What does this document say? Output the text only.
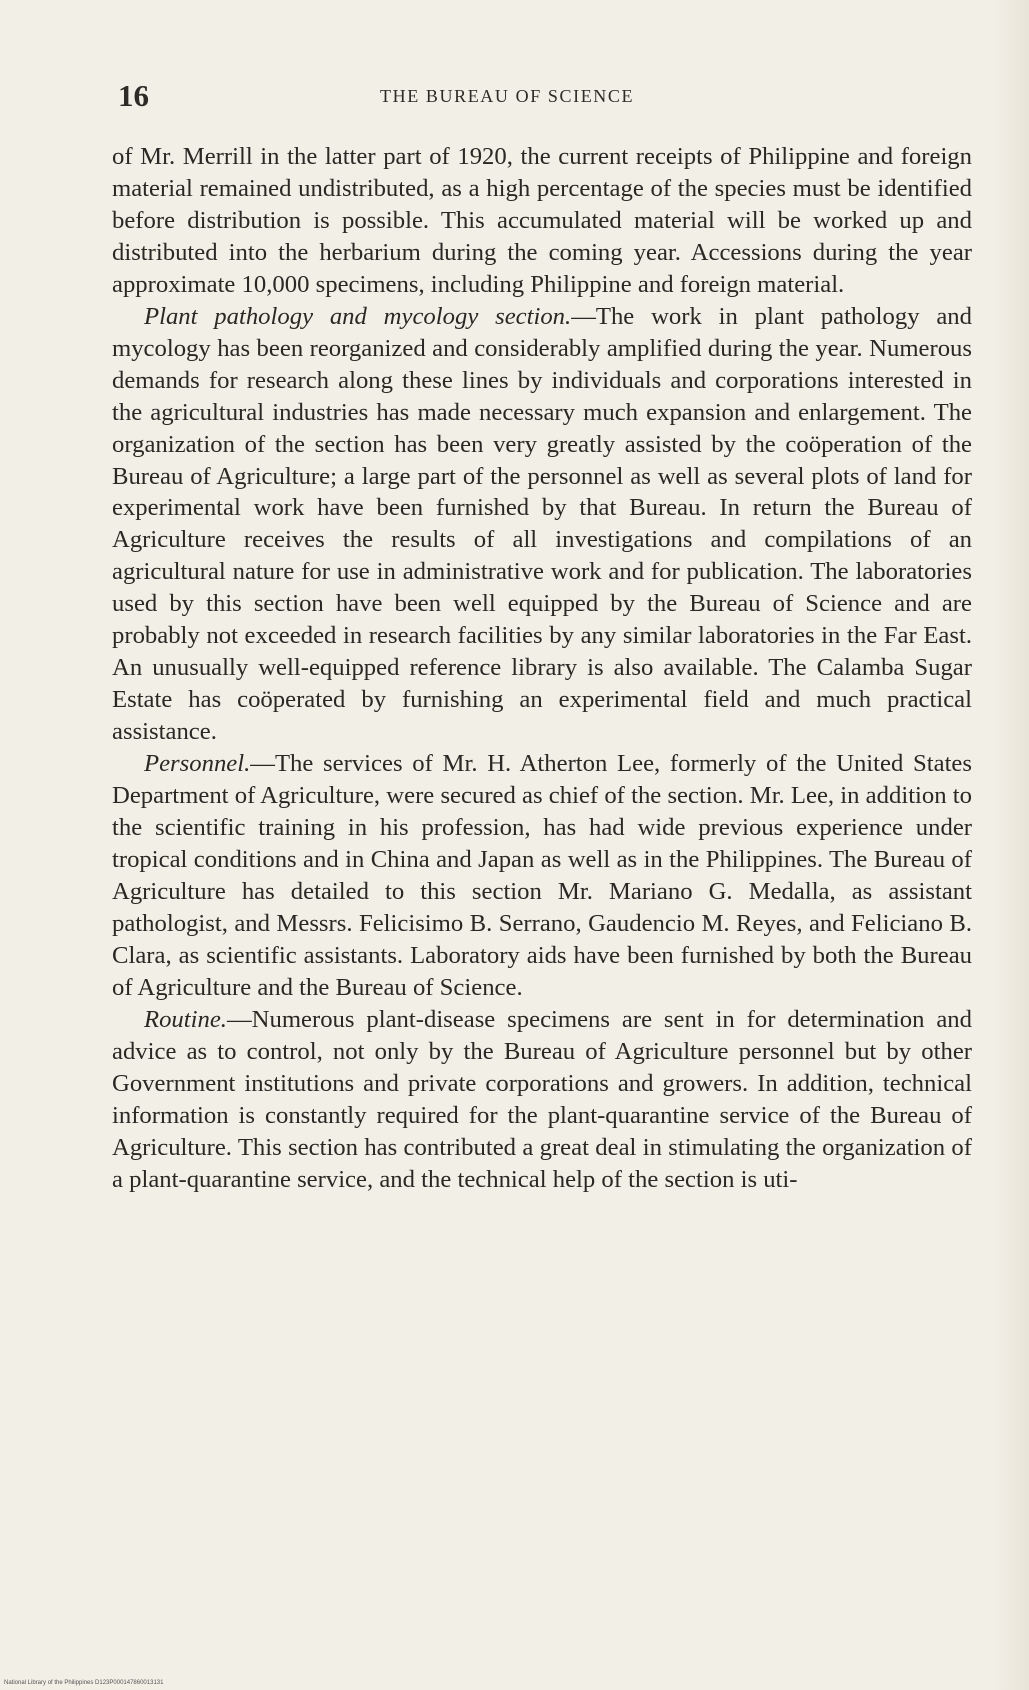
16	THE BUREAU OF SCIENCE

of Mr. Merrill in the latter part of 1920, the current receipts of Philippine and foreign material remained undistributed, as a high percentage of the species must be identified before distribution is possible. This accumulated material will be worked up and distributed into the herbarium during the coming year. Accessions during the year approximate 10,000 specimens, including Philippine and foreign material.

Plant pathology and mycology section.—The work in plant pathology and mycology has been reorganized and considerably amplified during the year. Numerous demands for research along these lines by individuals and corporations interested in the agricultural industries has made necessary much expansion and enlargement. The organization of the section has been very greatly assisted by the coöperation of the Bureau of Agriculture; a large part of the personnel as well as several plots of land for experimental work have been furnished by that Bureau. In return the Bureau of Agriculture receives the results of all investigations and compilations of an agricultural nature for use in administrative work and for publication. The laboratories used by this section have been well equipped by the Bureau of Science and are probably not exceeded in research facilities by any similar laboratories in the Far East. An unusually well-equipped reference library is also available. The Calamba Sugar Estate has coöperated by furnishing an experimental field and much practical assistance.

Personnel.—The services of Mr. H. Atherton Lee, formerly of the United States Department of Agriculture, were secured as chief of the section. Mr. Lee, in addition to the scientific training in his profession, has had wide previous experience under tropical conditions and in China and Japan as well as in the Philippines. The Bureau of Agriculture has detailed to this section Mr. Mariano G. Medalla, as assistant pathologist, and Messrs. Felicisimo B. Serrano, Gaudencio M. Reyes, and Feliciano B. Clara, as scientific assistants. Laboratory aids have been furnished by both the Bureau of Agriculture and the Bureau of Science.

Routine.—Numerous plant-disease specimens are sent in for determination and advice as to control, not only by the Bureau of Agriculture personnel but by other Government institutions and private corporations and growers. In addition, technical information is constantly required for the plant-quarantine service of the Bureau of Agriculture. This section has contributed a great deal in stimulating the organization of a plant-quarantine service, and the technical help of the section is uti-

National Library of the Philippines D123P000147860013131
